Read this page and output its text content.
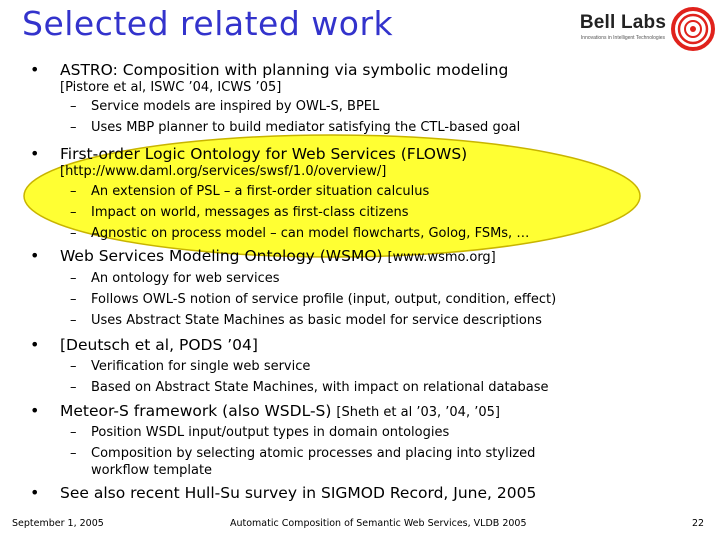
Selected related work	Bell Labs
Innovations in Intelligent Technologies
• ASTRO: Composition with planning via symbolic modeling
[Pistore et al, ISWC ’04, ICWS ’05]
– Service models are inspired by OWL-S, BPEL
– Uses MBP planner to build mediator satisfying the CTL-based goal
• First-order Logic Ontology for Web Services (FLOWS)
[http://www.daml.org/services/swsf/1.0/overview/]
– An extension of PSL – a first-order situation calculus
– Impact on world, messages as first-class citizens
– Agnostic on process model – can model flowcharts, Golog, FSMs, …
• Web Services Modeling Ontology (WSMO) [www.wsmo.org]
– An ontology for web services
– Follows OWL-S notion of service profile (input, output, condition, effect)
– Uses Abstract State Machines as basic model for service descriptions
• [Deutsch et al, PODS ’04]
– Verification for single web service
– Based on Abstract State Machines, with impact on relational database
• Meteor-S framework (also WSDL-S) [Sheth et al ’03, ’04, ’05]
– Position WSDL input/output types in domain ontologies
– Composition by selecting atomic processes and placing into stylized
workflow template
• See also recent Hull-Su survey in SIGMOD Record, June, 2005
September 1, 2005	Automatic Composition of Semantic Web Services, VLDB 2005	22
